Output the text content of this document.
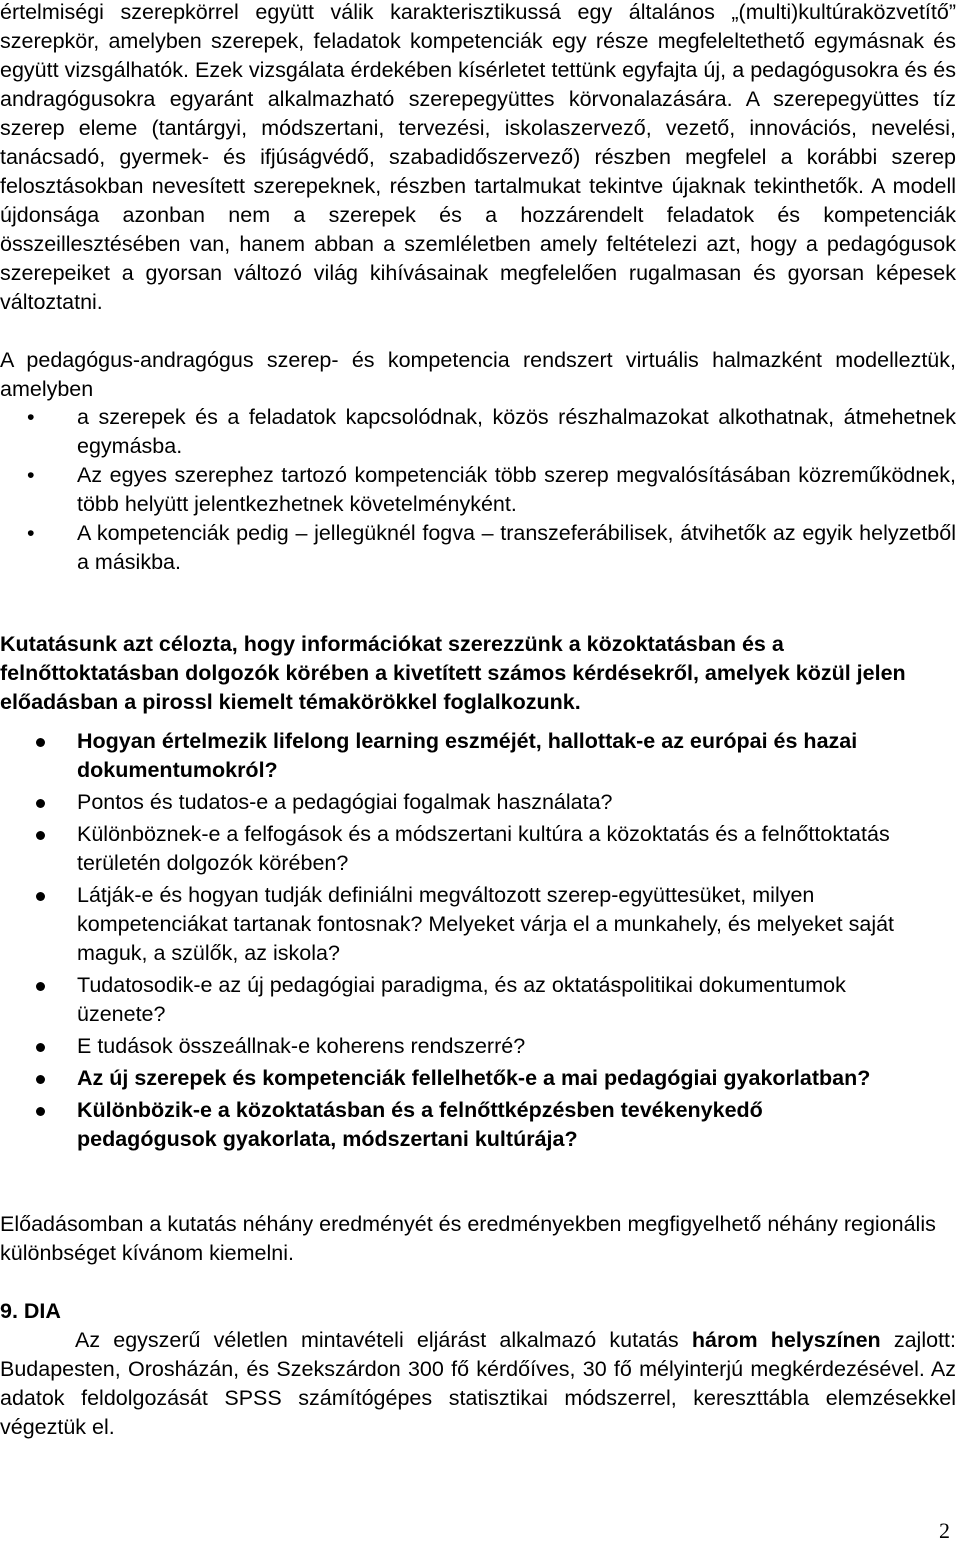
értelmiségi szerepkörrel együtt válik karakterisztikussá egy általános „(multi)kultúraközvetítő” szerepkör, amelyben szerepek, feladatok kompetenciák egy része megfeleltethető egymásnak és együtt vizsgálhatók. Ezek vizsgálata érdekében kísérletet tettünk egyfajta új, a pedagógusokra és és andragógusokra egyaránt alkalmazható szerepegyüttes körvonalazására. A szerepegyüttes tíz szerep eleme (tantárgyi, módszertani, tervezési, iskolaszervező, vezető, innovációs, nevelési, tanácsadó, gyermek- és ifjúságvédő, szabadidőszervező) részben megfelel a korábbi szerep felosztásokban nevesített szerepeknek, részben tartalmukat tekintve újaknak tekinthetők. A modell újdonsága azonban nem a szerepek és a hozzárendelt feladatok és kompetenciák összeillesztésében van, hanem abban a szemléletben amely feltételezi azt, hogy a pedagógusok szerepeiket a gyorsan változó világ kihívásainak megfelelően rugalmasan és gyorsan képesek változtatni.

A pedagógus-andragógus szerep- és kompetencia rendszert virtuális halmazként modelleztük, amelyben

• a szerepek és a feladatok kapcsolódnak, közös részhalmazokat alkothatnak, átmehetnek egymásba.
• Az egyes szerephez tartozó kompetenciák több szerep megvalósításában közreműködnek, több helyütt jelentkezhetnek követelményként.
• A kompetenciák pedig – jellegüknél fogva – transzeferábilisek, átvihetők az egyik helyzetből a másikba.

Kutatásunk azt célozta, hogy információkat szerezzünk a közoktatásban és a felnőttoktatásban dolgozók körében a kivetített számos kérdésekről, amelyek közül jelen előadásban a pirossl kiemelt témakörökkel foglalkozunk.

Hogyan értelmezik lifelong learning eszméjét, hallottak-e az európai és hazai dokumentumokról?
Pontos és tudatos-e a pedagógiai fogalmak használata?
Különböznek-e a felfogások és a módszertani kultúra a közoktatás és a felnőttoktatás területén dolgozók körében?
Látják-e és hogyan tudják definiálni megváltozott szerep-együttesüket, milyen kompetenciákat tartanak fontosnak? Melyeket várja el a munkahely, és melyeket saját maguk, a szülők, az iskola?
Tudatosodik-e az új pedagógiai paradigma, és az oktatáspolitikai dokumentumok üzenete?
E tudások összeállnak-e koherens rendszerré?
Az új szerepek és kompetenciák fellelhetők-e a mai pedagógiai gyakorlatban?
Különbözik-e a közoktatásban és a felnőttképzésben tevékenykedő pedagógusok gyakorlata, módszertani kultúrája?

Előadásomban a kutatás néhány eredményét és eredményekben megfigyelhető néhány regionális különbséget kívánom kiemelni.

9. DIA

Az egyszerű véletlen mintavételi eljárást alkalmazó kutatás három helyszínen zajlott: Budapesten, Orosházán, és Szekszárdon 300 fő kérdőíves, 30 fő mélyinterjú megkérdezésével. Az adatok feldolgozását SPSS számítógépes statisztikai módszerrel, kereszttábla elemzésekkel végeztük el.

2
